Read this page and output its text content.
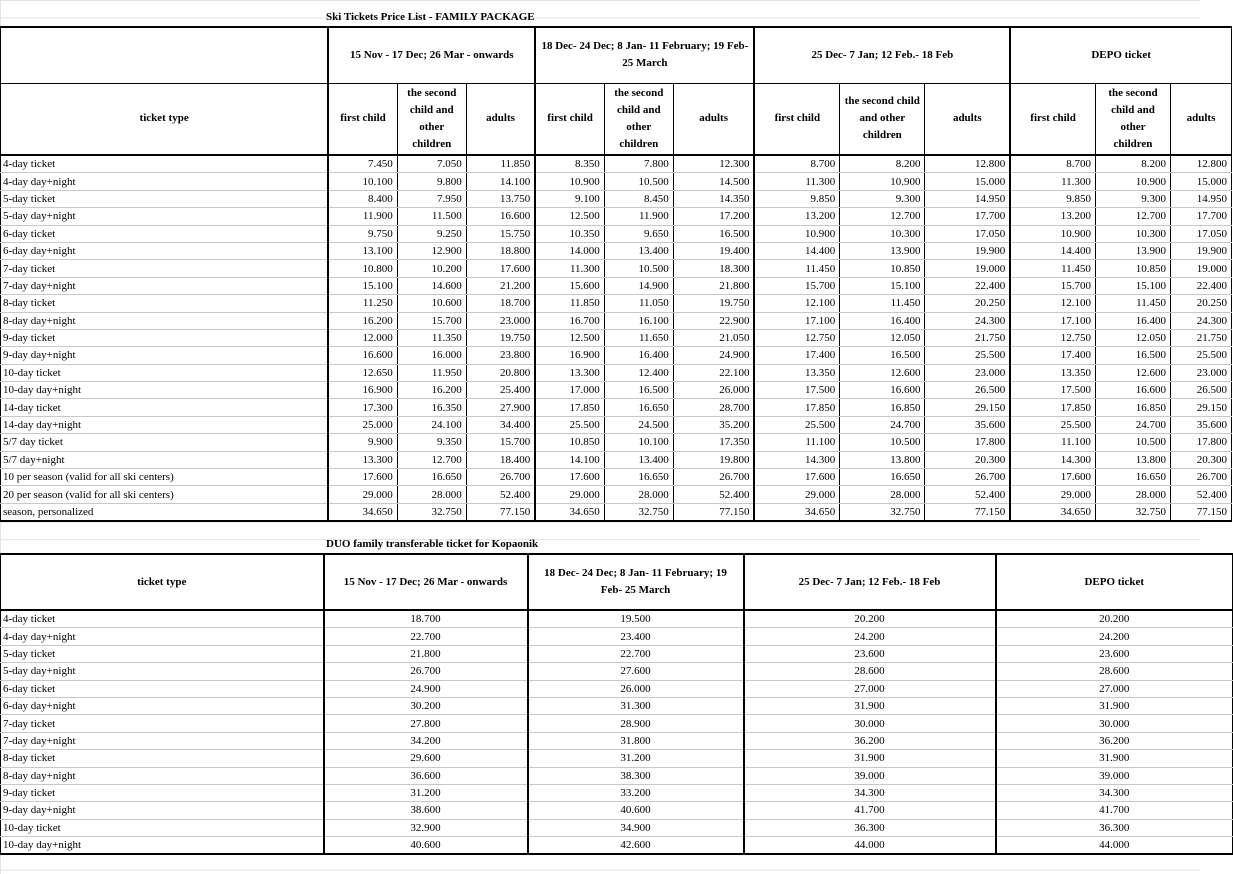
Ski Tickets Price List - FAMILY PACKAGE
	15 Nov - 17 Dec; 26 Mar - onwards			18 Dec- 24 Dec; 8 Jan- 11 February; 19 Feb- 25 March			25 Dec- 7 Jan; 12 Feb.- 18 Feb			DEPO ticket		
ticket type	first child	the second child and other children	adults	first child	the second child and other children	adults	first child	the second child and other children	adults	first child	the second child and other children	adults
4-day ticket	7.450	7.050	11.850	8.350	7.800	12.300	8.700	8.200	12.800	8.700	8.200	12.800
4-day day+night	10.100	9.800	14.100	10.900	10.500	14.500	11.300	10.900	15.000	11.300	10.900	15.000
5-day ticket	8.400	7.950	13.750	9.100	8.450	14.350	9.850	9.300	14.950	9.850	9.300	14.950
5-day day+night	11.900	11.500	16.600	12.500	11.900	17.200	13.200	12.700	17.700	13.200	12.700	17.700
6-day ticket	9.750	9.250	15.750	10.350	9.650	16.500	10.900	10.300	17.050	10.900	10.300	17.050
6-day day+night	13.100	12.900	18.800	14.000	13.400	19.400	14.400	13.900	19.900	14.400	13.900	19.900
7-day ticket	10.800	10.200	17.600	11.300	10.500	18.300	11.450	10.850	19.000	11.450	10.850	19.000
7-day day+night	15.100	14.600	21.200	15.600	14.900	21.800	15.700	15.100	22.400	15.700	15.100	22.400
8-day ticket	11.250	10.600	18.700	11.850	11.050	19.750	12.100	11.450	20.250	12.100	11.450	20.250
8-day day+night	16.200	15.700	23.000	16.700	16.100	22.900	17.100	16.400	24.300	17.100	16.400	24.300
9-day ticket	12.000	11.350	19.750	12.500	11.650	21.050	12.750	12.050	21.750	12.750	12.050	21.750
9-day day+night	16.600	16.000	23.800	16.900	16.400	24.900	17.400	16.500	25.500	17.400	16.500	25.500
10-day ticket	12.650	11.950	20.800	13.300	12.400	22.100	13.350	12.600	23.000	13.350	12.600	23.000
10-day day+night	16.900	16.200	25.400	17.000	16.500	26.000	17.500	16.600	26.500	17.500	16.600	26.500
14-day ticket	17.300	16.350	27.900	17.850	16.650	28.700	17.850	16.850	29.150	17.850	16.850	29.150
14-day day+night	25.000	24.100	34.400	25.500	24.500	35.200	25.500	24.700	35.600	25.500	24.700	35.600
5/7 day ticket	9.900	9.350	15.700	10.850	10.100	17.350	11.100	10.500	17.800	11.100	10.500	17.800
5/7 day+night	13.300	12.700	18.400	14.100	13.400	19.800	14.300	13.800	20.300	14.300	13.800	20.300
10 per season (valid for all ski centers)	17.600	16.650	26.700	17.600	16.650	26.700	17.600	16.650	26.700	17.600	16.650	26.700
20 per season (valid for all ski centers)	29.000	28.000	52.400	29.000	28.000	52.400	29.000	28.000	52.400	29.000	28.000	52.400
season, personalized	34.650	32.750	77.150	34.650	32.750	77.150	34.650	32.750	77.150	34.650	32.750	77.150
DUO family transferable ticket for Kopaonik
ticket type	15 Nov - 17 Dec; 26 Mar - onwards	18 Dec- 24 Dec; 8 Jan- 11 February; 19 Feb- 25 March	25 Dec- 7 Jan; 12 Feb.- 18 Feb	DEPO ticket
4-day ticket	18.700	19.500	20.200	20.200
4-day day+night	22.700	23.400	24.200	24.200
5-day ticket	21.800	22.700	23.600	23.600
5-day day+night	26.700	27.600	28.600	28.600
6-day ticket	24.900	26.000	27.000	27.000
6-day day+night	30.200	31.300	31.900	31.900
7-day ticket	27.800	28.900	30.000	30.000
7-day day+night	34.200	31.800	36.200	36.200
8-day ticket	29.600	31.200	31.900	31.900
8-day day+night	36.600	38.300	39.000	39.000
9-day ticket	31.200	33.200	34.300	34.300
9-day day+night	38.600	40.600	41.700	41.700
10-day ticket	32.900	34.900	36.300	36.300
10-day day+night	40.600	42.600	44.000	44.000
